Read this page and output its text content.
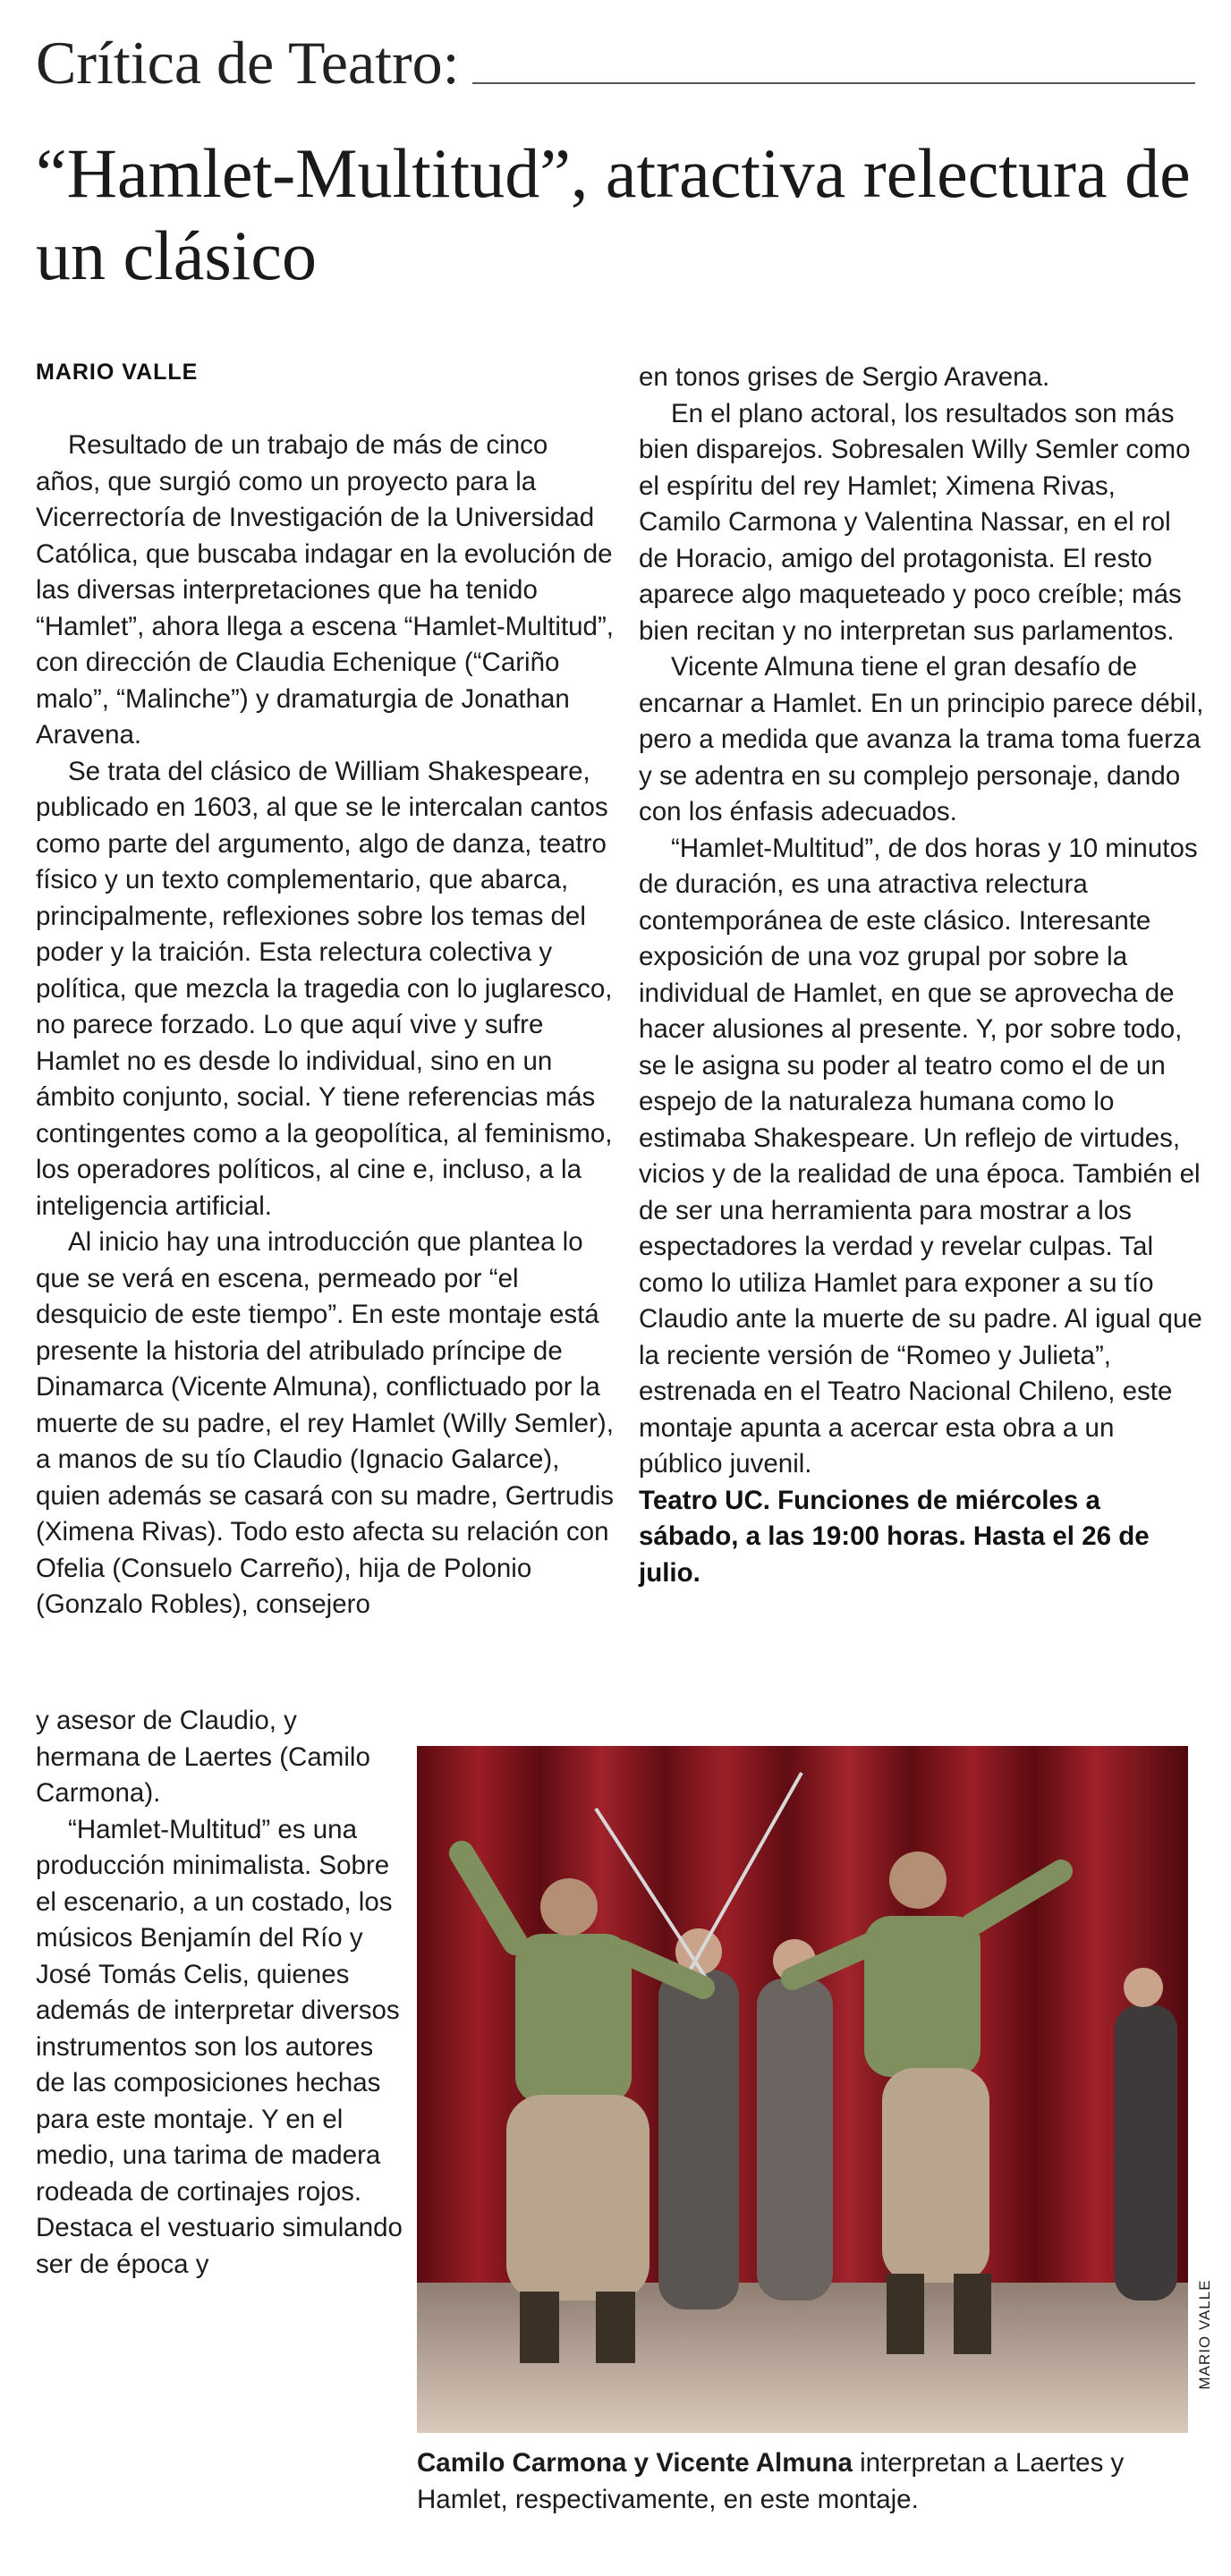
Crítica de Teatro:
“Hamlet-Multitud”, atractiva relectura de un clásico
MARIO VALLE

Resultado de un trabajo de más de cinco años, que surgió como un proyecto para la Vicerrectoría de Investigación de la Universidad Católica, que buscaba indagar en la evolución de las diversas interpretaciones que ha tenido “Hamlet”, ahora llega a escena “Hamlet-Multitud”, con dirección de Claudia Echenique (“Cariño malo”, “Malinche”) y dramaturgia de Jonathan Aravena.

Se trata del clásico de William Shakespeare, publicado en 1603, al que se le intercalan cantos como parte del argumento, algo de danza, teatro físico y un texto complementario, que abarca, principalmente, reflexiones sobre los temas del poder y la traición. Esta relectura colectiva y política, que mezcla la tragedia con lo juglaresco, no parece forzado. Lo que aquí vive y sufre Hamlet no es desde lo individual, sino en un ámbito conjunto, social. Y tiene referencias más contingentes como a la geopolítica, al feminismo, los operadores políticos, al cine e, incluso, a la inteligencia artificial.

Al inicio hay una introducción que plantea lo que se verá en escena, permeado por “el desquicio de este tiempo”. En este montaje está presente la historia del atribulado príncipe de Dinamarca (Vicente Almuna), conflictuado por la muerte de su padre, el rey Hamlet (Willy Semler), a manos de su tío Claudio (Ignacio Galarce), quien además se casará con su madre, Gertrudis (Ximena Rivas). Todo esto afecta su relación con Ofelia (Consuelo Carreño), hija de Polonio (Gonzalo Robles), consejero

y asesor de Claudio, y hermana de Laertes (Camilo Carmona).

“Hamlet-Multitud” es una producción minimalista. Sobre el escenario, a un costado, los músicos Benjamín del Río y José Tomás Celis, quienes además de interpretar diversos instrumentos son los autores de las composiciones hechas para este montaje. Y en el medio, una tarima de madera rodeada de cortinajes rojos. Destaca el vestuario simulando ser de época y

en tonos grises de Sergio Aravena.

En el plano actoral, los resultados son más bien disparejos. Sobresalen Willy Semler como el espíritu del rey Hamlet; Ximena Rivas, Camilo Carmona y Valentina Nassar, en el rol de Horacio, amigo del protagonista. El resto aparece algo maqueteado y poco creíble; más bien recitan y no interpretan sus parlamentos.

Vicente Almuna tiene el gran desafío de encarnar a Hamlet. En un principio parece débil, pero a medida que avanza la trama toma fuerza y se adentra en su complejo personaje, dando con los énfasis adecuados.

“Hamlet-Multitud”, de dos horas y 10 minutos de duración, es una atractiva relectura contemporánea de este clásico. Interesante exposición de una voz grupal por sobre la individual de Hamlet, en que se aprovecha de hacer alusiones al presente. Y, por sobre todo, se le asigna su poder al teatro como el de un espejo de la naturaleza humana como lo estimaba Shakespeare. Un reflejo de virtudes, vicios y de la realidad de una época. También el de ser una herramienta para mostrar a los espectadores la verdad y revelar culpas. Tal como lo utiliza Hamlet para exponer a su tío Claudio ante la muerte de su padre. Al igual que la reciente versión de “Romeo y Julieta”, estrenada en el Teatro Nacional Chileno, este montaje apunta a acercar esta obra a un público juvenil.

Teatro UC. Funciones de miércoles a sábado, a las 19:00 horas. Hasta el 26 de julio.

MARIO VALLE
Camilo Carmona y Vicente Almuna interpretan a Laertes y Hamlet, respectivamente, en este montaje.
